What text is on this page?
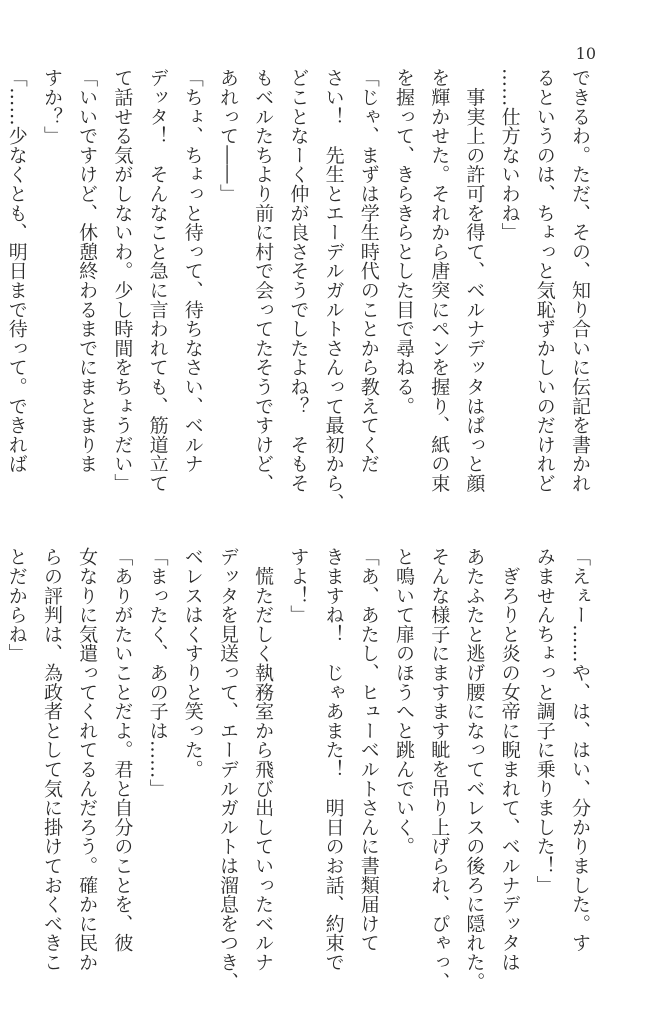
10
できるわ。ただ、その、知り合いに伝記を書かれ
るというのは、ちょっと気恥ずかしいのだけれど
……仕方ないわね」
　事実上の許可を得て、ベルナデッタはぱっと顔
を輝かせた。それから唐突にペンを握り、紙の束
を握って、きらきらとした目で尋ねる。
「じゃ、まずは学生時代のことから教えてくだ
さい！　先生とエーデルガルトさんって最初から、
どことなーく仲が良さそうでしたよね？　そもそ
もベルたちより前に村で会ってたそうですけど、
あれって――」
「ちょ、ちょっと待って、待ちなさい、ベルナ
デッタ！　そんなこと急に言われても、筋道立て
て話せる気がしないわ。少し時間をちょうだい」
「いいですけど、休憩終わるまでにまとまりま
すか？」
「……少なくとも、明日まで待って。できれば
「えぇー……や、は、はい、分かりました。す
みませんちょっと調子に乗りました！」
　ぎろりと炎の女帝に睨まれて、ベルナデッタは
あたふたと逃げ腰になってベレスの後ろに隠れた。
そんな様子にますます眦を吊り上げられ、ぴゃっ、
と鳴いて扉のほうへと跳んでいく。
「あ、あたし、ヒューベルトさんに書類届けて
きますね！　じゃあまた！　明日のお話、約束で
すよ！」
　慌ただしく執務室から飛び出していったベルナ
デッタを見送って、エーデルガルトは溜息をつき、
ベレスはくすりと笑った。
「まったく、あの子は……」
「ありがたいことだよ。君と自分のことを、彼
女なりに気遣ってくれてるんだろう。確かに民か
らの評判は、為政者として気に掛けておくべきこ
とだからね」
